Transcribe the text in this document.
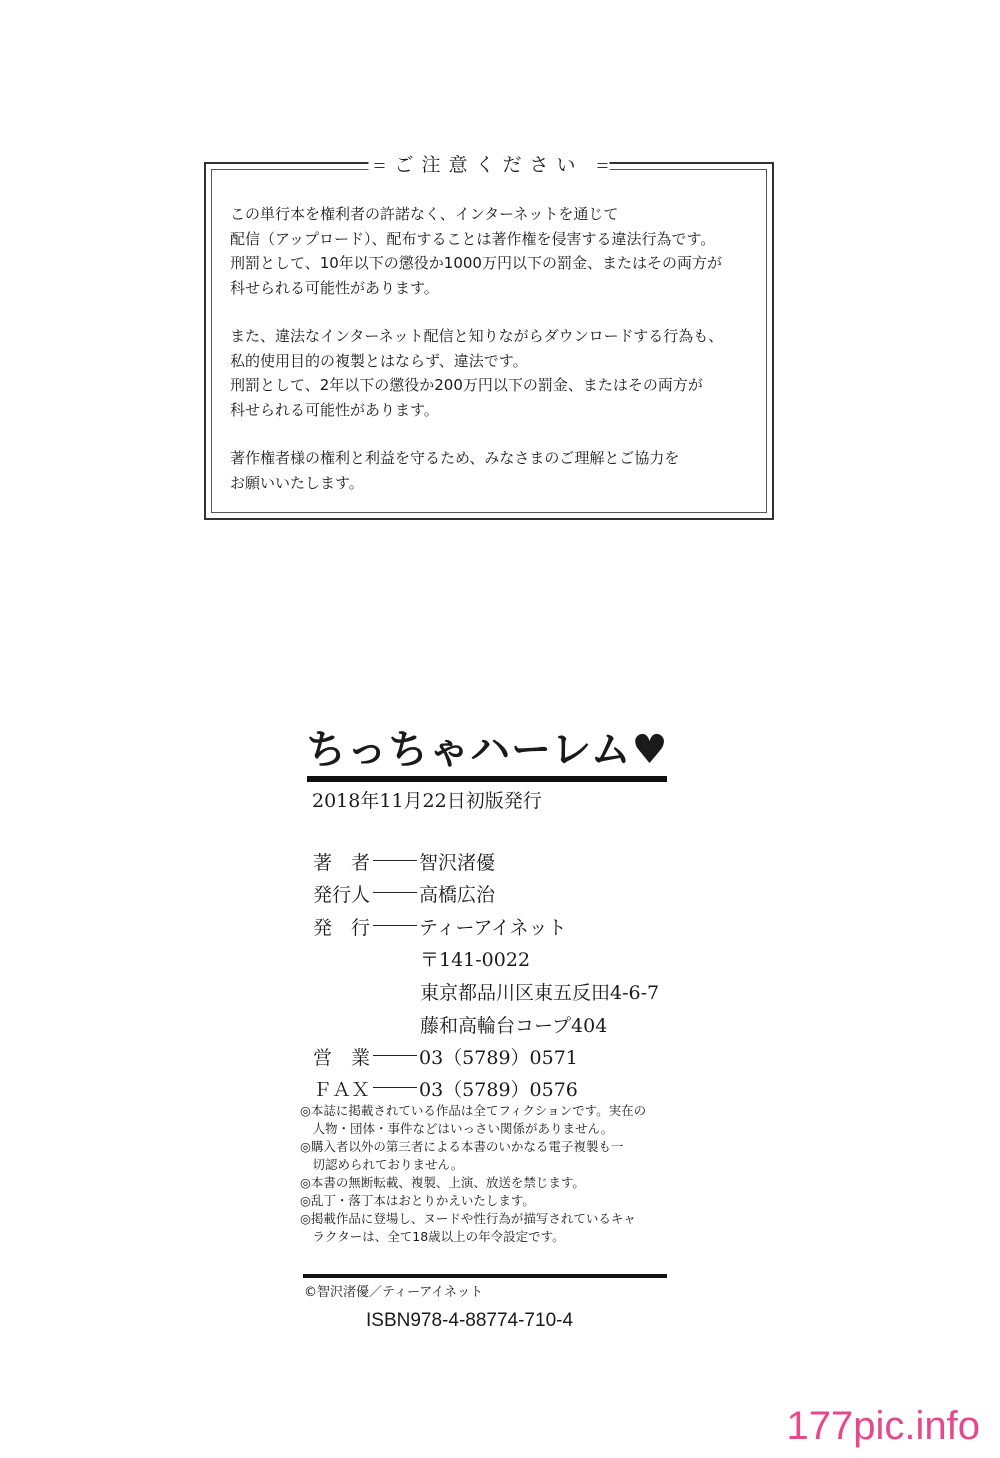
ご注意ください
この単行本を権利者の許諾なく、インターネットを通じて
配信（アップロード）、配布することは著作権を侵害する違法行為です。
刑罰として、10年以下の懲役か1000万円以下の罰金、またはその両方が
科せられる可能性があります。
また、違法なインターネット配信と知りながらダウンロードする行為も、
私的使用目的の複製とはならず、違法です。
刑罰として、2年以下の懲役か200万円以下の罰金、またはその両方が
科せられる可能性があります。
著作権者様の権利と利益を守るため、みなさまのご理解とご協力を
お願いいたします。
ちっちゃハーレム♥
2018年11月22日初版発行
著　者	智沢渚優
発行人	高橋広治
発　行	ティーアイネット
〒141-0022
東京都品川区東五反田4-6-7
藤和高輪台コープ404
営　業	03（5789）0571
ＦＡＸ	03（5789）0576
◎本誌に掲載されている作品は全てフィクションです。実在の
　人物・団体・事件などはいっさい関係がありません。
◎購入者以外の第三者による本書のいかなる電子複製も一
　切認められておりません。
◎本書の無断転載、複製、上演、放送を禁じます。
◎乱丁・落丁本はおとりかえいたします。
◎掲載作品に登場し、ヌードや性行為が描写されているキャ
　ラクターは、全て18歳以上の年令設定です。
©智沢渚優／ティーアイネット
ISBN978-4-88774-710-4
177pic.info
